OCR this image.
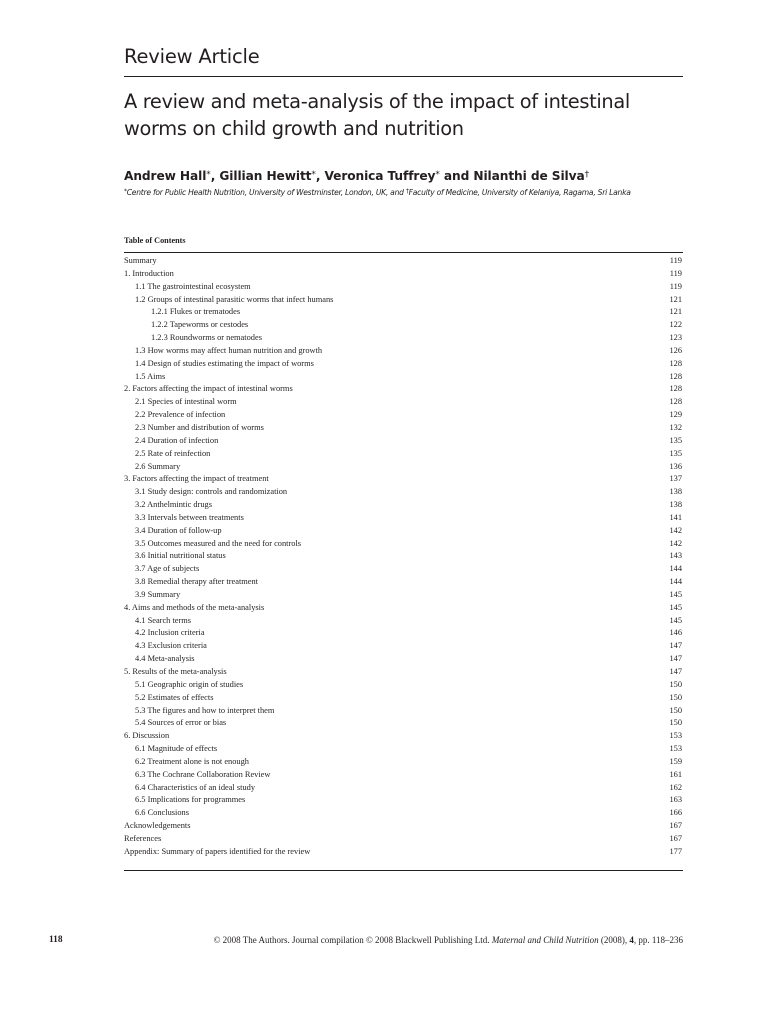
Review Article
A review and meta-analysis of the impact of intestinal worms on child growth and nutrition
Andrew Hall*, Gillian Hewitt*, Veronica Tuffrey* and Nilanthi de Silva†
*Centre for Public Health Nutrition, University of Westminster, London, UK, and †Faculty of Medicine, University of Kelaniya, Ragama, Sri Lanka
Table of Contents
Summary	119
1. Introduction	119
1.1 The gastrointestinal ecosystem	119
1.2 Groups of intestinal parasitic worms that infect humans	121
1.2.1 Flukes or trematodes	121
1.2.2 Tapeworms or cestodes	122
1.2.3 Roundworms or nematodes	123
1.3 How worms may affect human nutrition and growth	126
1.4 Design of studies estimating the impact of worms	128
1.5 Aims	128
2. Factors affecting the impact of intestinal worms	128
2.1 Species of intestinal worm	128
2.2 Prevalence of infection	129
2.3 Number and distribution of worms	132
2.4 Duration of infection	135
2.5 Rate of reinfection	135
2.6 Summary	136
3. Factors affecting the impact of treatment	137
3.1 Study design: controls and randomization	138
3.2 Anthelmintic drugs	138
3.3 Intervals between treatments	141
3.4 Duration of follow-up	142
3.5 Outcomes measured and the need for controls	142
3.6 Initial nutritional status	143
3.7 Age of subjects	144
3.8 Remedial therapy after treatment	144
3.9 Summary	145
4. Aims and methods of the meta-analysis	145
4.1 Search terms	145
4.2 Inclusion criteria	146
4.3 Exclusion criteria	147
4.4 Meta-analysis	147
5. Results of the meta-analysis	147
5.1 Geographic origin of studies	150
5.2 Estimates of effects	150
5.3 The figures and how to interpret them	150
5.4 Sources of error or bias	150
6. Discussion	153
6.1 Magnitude of effects	153
6.2 Treatment alone is not enough	159
6.3 The Cochrane Collaboration Review	161
6.4 Characteristics of an ideal study	162
6.5 Implications for programmes	163
6.6 Conclusions	166
Acknowledgements	167
References	167
Appendix: Summary of papers identified for the review	177
118	© 2008 The Authors. Journal compilation © 2008 Blackwell Publishing Ltd. Maternal and Child Nutrition (2008), 4, pp. 118–236
